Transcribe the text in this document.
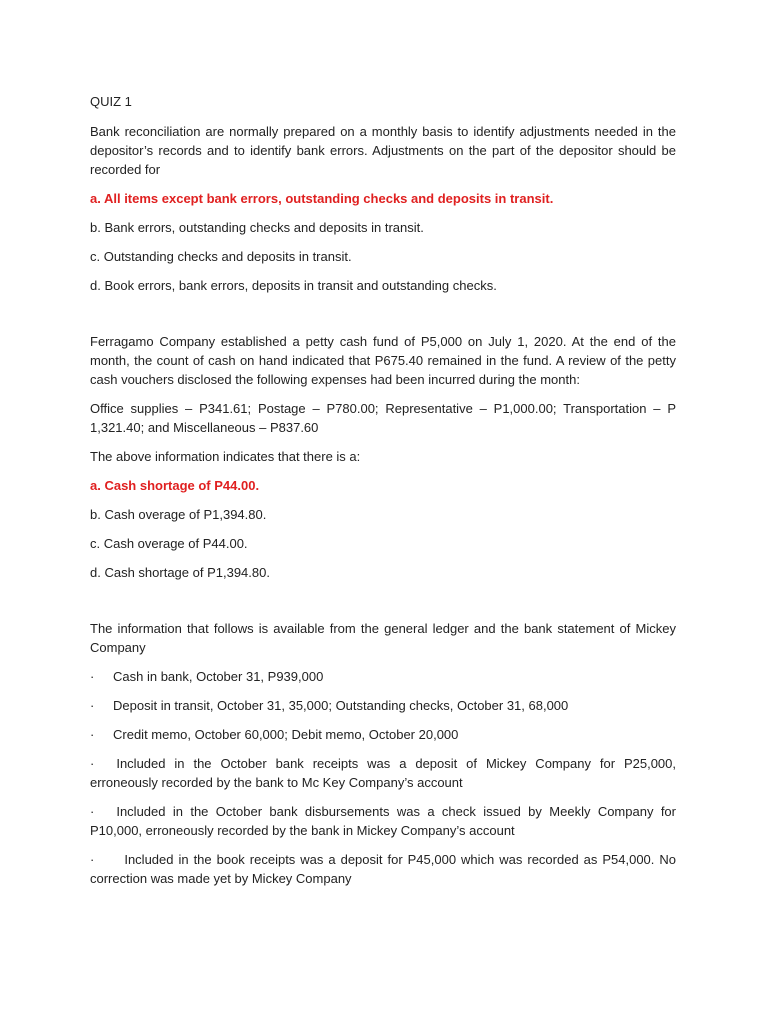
QUIZ 1

Bank reconciliation are normally prepared on a monthly basis to identify adjustments needed in the depositor’s records and to identify bank errors. Adjustments on the part of the depositor should be recorded for

a. All items except bank errors, outstanding checks and deposits in transit.

b. Bank errors, outstanding checks and deposits in transit.

c. Outstanding checks and deposits in transit.

d. Book errors, bank errors, deposits in transit and outstanding checks.

Ferragamo Company established a petty cash fund of P5,000 on July 1, 2020. At the end of the month, the count of cash on hand indicated that P675.40 remained in the fund. A review of the petty cash vouchers disclosed the following expenses had been incurred during the month:

Office supplies – P341.61; Postage – P780.00; Representative – P1,000.00; Transportation – P 1,321.40; and Miscellaneous – P837.60

The above information indicates that there is a:

a. Cash shortage of P44.00.

b. Cash overage of P1,394.80.

c. Cash overage of P44.00.

d. Cash shortage of P1,394.80.

The information that follows is available from the general ledger and the bank statement of Mickey Company

·	Cash in bank, October 31, P939,000
·	Deposit in transit, October 31, 35,000; Outstanding checks, October 31, 68,000
·	Credit memo, October 60,000; Debit memo, October 20,000

· Included in the October bank receipts was a deposit of Mickey Company for P25,000, erroneously recorded by the bank to Mc Key Company’s account

· Included in the October bank disbursements was a check issued by Meekly Company for P10,000, erroneously recorded by the bank in Mickey Company’s account

· Included in the book receipts was a deposit for P45,000 which was recorded as P54,000. No correction was made yet by Mickey Company
